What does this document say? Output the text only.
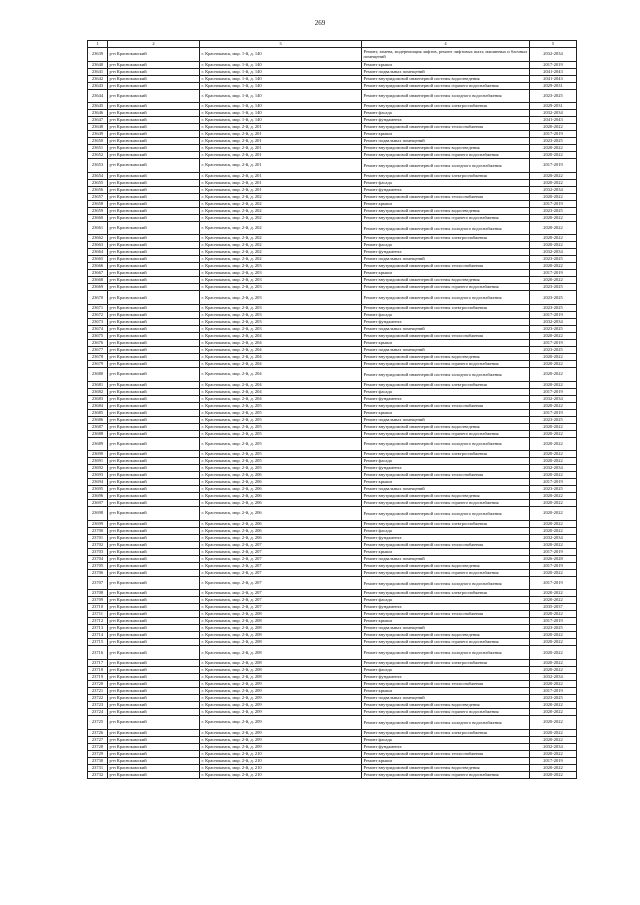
269
1	2	3	4	5
23639	р-н Краснокамский	г. Краснокамск, мкр. 1-й, д. 140	Ремонт, замена, модернизация лифтов, ремонт лифтовых шахт, машинных и блочных помещений	2032-2034
23640	р-н Краснокамский	г. Краснокамск, мкр. 1-й, д. 140	Ремонт крыши	2017-2019
23641	р-н Краснокамский	г. Краснокамск, мкр. 1-й, д. 140	Ремонт подвальных помещений	2041-2043
23642	р-н Краснокамский	г. Краснокамск, мкр. 1-й, д. 140	Ремонт внутридомовой инженерной системы водоотведения	2041-2043
23643	р-н Краснокамский	г. Краснокамск, мкр. 1-й, д. 140	Ремонт внутридомовой инженерной системы горячего водоснабжения	2029-2031
23644	р-н Краснокамский	г. Краснокамск, мкр. 1-й, д. 140	Ремонт внутридомовой инженерной системы холодного водоснабжения	2023-2025
23645	р-н Краснокамский	г. Краснокамск, мкр. 1-й, д. 140	Ремонт внутридомовой инженерной системы электроснабжения	2029-2031
23646	р-н Краснокамский	г. Краснокамск, мкр. 1-й, д. 140	Ремонт фасада	2032-2034
23647	р-н Краснокамский	г. Краснокамск, мкр. 1-й, д. 140	Ремонт фундамента	2041-2043
23648	р-н Краснокамский	г. Краснокамск, мкр. 2-й, д. 201	Ремонт внутридомовой инженерной системы теплоснабжения	2020-2022
23649	р-н Краснокамский	г. Краснокамск, мкр. 2-й, д. 201	Ремонт крыши	2017-2019
23650	р-н Краснокамский	г. Краснокамск, мкр. 2-й, д. 201	Ремонт подвальных помещений	2023-2025
23651	р-н Краснокамский	г. Краснокамск, мкр. 2-й, д. 201	Ремонт внутридомовой инженерной системы водоотведения	2020-2022
23652	р-н Краснокамский	г. Краснокамск, мкр. 2-й, д. 201	Ремонт внутридомовой инженерной системы горячего водоснабжения	2020-2022
23653	р-н Краснокамский	г. Краснокамск, мкр. 2-й, д. 201	Ремонт внутридомовой инженерной системы холодного водоснабжения	2017-2019
23654	р-н Краснокамский	г. Краснокамск, мкр. 2-й, д. 201	Ремонт внутридомовой инженерной системы электроснабжения	2020-2022
23655	р-н Краснокамский	г. Краснокамск, мкр. 2-й, д. 201	Ремонт фасада	2020-2022
23656	р-н Краснокамский	г. Краснокамск, мкр. 2-й, д. 201	Ремонт фундамента	2032-2034
23657	р-н Краснокамский	г. Краснокамск, мкр. 2-й, д. 202	Ремонт внутридомовой инженерной системы теплоснабжения	2020-2022
23658	р-н Краснокамский	г. Краснокамск, мкр. 2-й, д. 202	Ремонт крыши	2017-2019
23659	р-н Краснокамский	г. Краснокамск, мкр. 2-й, д. 202	Ремонт внутридомовой инженерной системы водоотведения	2023-2025
23660	р-н Краснокамский	г. Краснокамск, мкр. 2-й, д. 202	Ремонт внутридомовой инженерной системы горячего водоснабжения	2020-2022
23661	р-н Краснокамский	г. Краснокамск, мкр. 2-й, д. 202	Ремонт внутридомовой инженерной системы холодного водоснабжения	2020-2022
23662	р-н Краснокамский	г. Краснокамск, мкр. 2-й, д. 202	Ремонт внутридомовой инженерной системы электроснабжения	2020-2022
23663	р-н Краснокамский	г. Краснокамск, мкр. 2-й, д. 202	Ремонт фасада	2020-2022
23664	р-н Краснокамский	г. Краснокамск, мкр. 2-й, д. 202	Ремонт фундамента	2032-2034
23665	р-н Краснокамский	г. Краснокамск, мкр. 2-й, д. 202	Ремонт подвальных помещений	2023-2025
23666	р-н Краснокамский	г. Краснокамск, мкр. 2-й, д. 203	Ремонт внутридомовой инженерной системы теплоснабжения	2020-2022
23667	р-н Краснокамский	г. Краснокамск, мкр. 2-й, д. 203	Ремонт крыши	2017-2019
23668	р-н Краснокамский	г. Краснокамск, мкр. 2-й, д. 203	Ремонт внутридомовой инженерной системы водоотведения	2020-2022
23669	р-н Краснокамский	г. Краснокамск, мкр. 2-й, д. 203	Ремонт внутридомовой инженерной системы горячего водоснабжения	2023-2025
23670	р-н Краснокамский	г. Краснокамск, мкр. 2-й, д. 203	Ремонт внутридомовой инженерной системы холодного водоснабжения	2023-2025
23671	р-н Краснокамский	г. Краснокамск, мкр. 2-й, д. 203	Ремонт внутридомовой инженерной системы электроснабжения	2023-2025
23672	р-н Краснокамский	г. Краснокамск, мкр. 2-й, д. 203	Ремонт фасада	2017-2019
23673	р-н Краснокамский	г. Краснокамск, мкр. 2-й, д. 203	Ремонт фундамента	2032-2034
23674	р-н Краснокамский	г. Краснокамск, мкр. 2-й, д. 203	Ремонт подвальных помещений	2023-2025
23675	р-н Краснокамский	г. Краснокамск, мкр. 2-й, д. 204	Ремонт внутридомовой инженерной системы теплоснабжения	2020-2022
23676	р-н Краснокамский	г. Краснокамск, мкр. 2-й, д. 204	Ремонт крыши	2017-2019
23677	р-н Краснокамский	г. Краснокамск, мкр. 2-й, д. 204	Ремонт подвальных помещений	2023-2025
23678	р-н Краснокамский	г. Краснокамск, мкр. 2-й, д. 204	Ремонт внутридомовой инженерной системы водоотведения	2020-2022
23679	р-н Краснокамский	г. Краснокамск, мкр. 2-й, д. 204	Ремонт внутридомовой инженерной системы горячего водоснабжения	2020-2022
23680	р-н Краснокамский	г. Краснокамск, мкр. 2-й, д. 204	Ремонт внутридомовой инженерной системы холодного водоснабжения	2020-2022
23681	р-н Краснокамский	г. Краснокамск, мкр. 2-й, д. 204	Ремонт внутридомовой инженерной системы электроснабжения	2020-2022
23682	р-н Краснокамский	г. Краснокамск, мкр. 2-й, д. 204	Ремонт фасада	2017-2019
23683	р-н Краснокамский	г. Краснокамск, мкр. 2-й, д. 204	Ремонт фундамента	2032-2034
23684	р-н Краснокамский	г. Краснокамск, мкр. 2-й, д. 205	Ремонт внутридомовой инженерной системы теплоснабжения	2020-2022
23685	р-н Краснокамский	г. Краснокамск, мкр. 2-й, д. 205	Ремонт крыши	2017-2019
23686	р-н Краснокамский	г. Краснокамск, мкр. 2-й, д. 205	Ремонт подвальных помещений	2023-2025
23687	р-н Краснокамский	г. Краснокамск, мкр. 2-й, д. 205	Ремонт внутридомовой инженерной системы водоотведения	2020-2022
23688	р-н Краснокамский	г. Краснокамск, мкр. 2-й, д. 205	Ремонт внутридомовой инженерной системы горячего водоснабжения	2020-2022
23689	р-н Краснокамский	г. Краснокамск, мкр. 2-й, д. 205	Ремонт внутридомовой инженерной системы холодного водоснабжения	2020-2022
23690	р-н Краснокамский	г. Краснокамск, мкр. 2-й, д. 205	Ремонт внутридомовой инженерной системы электроснабжения	2020-2022
23691	р-н Краснокамский	г. Краснокамск, мкр. 2-й, д. 205	Ремонт фасада	2020-2022
23692	р-н Краснокамский	г. Краснокамск, мкр. 2-й, д. 205	Ремонт фундамента	2032-2034
23693	р-н Краснокамский	г. Краснокамск, мкр. 2-й, д. 206	Ремонт внутридомовой инженерной системы теплоснабжения	2020-2022
23694	р-н Краснокамский	г. Краснокамск, мкр. 2-й, д. 206	Ремонт крыши	2017-2019
23695	р-н Краснокамский	г. Краснокамск, мкр. 2-й, д. 206	Ремонт подвальных помещений	2023-2025
23696	р-н Краснокамский	г. Краснокамск, мкр. 2-й, д. 206	Ремонт внутридомовой инженерной системы водоотведения	2020-2022
23697	р-н Краснокамский	г. Краснокамск, мкр. 2-й, д. 206	Ремонт внутридомовой инженерной системы горячего водоснабжения	2020-2022
23698	р-н Краснокамский	г. Краснокамск, мкр. 2-й, д. 206	Ремонт внутридомовой инженерной системы холодного водоснабжения	2020-2022
23699	р-н Краснокамский	г. Краснокамск, мкр. 2-й, д. 206	Ремонт внутридомовой инженерной системы электроснабжения	2020-2022
23700	р-н Краснокамский	г. Краснокамск, мкр. 2-й, д. 206	Ремонт фасада	2020-2022
23701	р-н Краснокамский	г. Краснокамск, мкр. 2-й, д. 206	Ремонт фундамента	2032-2034
23702	р-н Краснокамский	г. Краснокамск, мкр. 2-й, д. 207	Ремонт внутридомовой инженерной системы теплоснабжения	2020-2022
23703	р-н Краснокамский	г. Краснокамск, мкр. 2-й, д. 207	Ремонт крыши	2017-2019
23704	р-н Краснокамский	г. Краснокамск, мкр. 2-й, д. 207	Ремонт подвальных помещений	2026-2028
23705	р-н Краснокамский	г. Краснокамск, мкр. 2-й, д. 207	Ремонт внутридомовой инженерной системы водоотведения	2017-2019
23706	р-н Краснокамский	г. Краснокамск, мкр. 2-й, д. 207	Ремонт внутридомовой инженерной системы горячего водоснабжения	2020-2022
23707	р-н Краснокамский	г. Краснокамск, мкр. 2-й, д. 207	Ремонт внутридомовой инженерной системы холодного водоснабжения	2017-2019
23708	р-н Краснокамский	г. Краснокамск, мкр. 2-й, д. 207	Ремонт внутридомовой инженерной системы электроснабжения	2020-2022
23709	р-н Краснокамский	г. Краснокамск, мкр. 2-й, д. 207	Ремонт фасада	2020-2022
23710	р-н Краснокамский	г. Краснокамск, мкр. 2-й, д. 207	Ремонт фундамента	2035-2037
23711	р-н Краснокамский	г. Краснокамск, мкр. 2-й, д. 208	Ремонт внутридомовой инженерной системы теплоснабжения	2020-2022
23712	р-н Краснокамский	г. Краснокамск, мкр. 2-й, д. 208	Ремонт крыши	2017-2019
23713	р-н Краснокамский	г. Краснокамск, мкр. 2-й, д. 208	Ремонт подвальных помещений	2023-2025
23714	р-н Краснокамский	г. Краснокамск, мкр. 2-й, д. 208	Ремонт внутридомовой инженерной системы водоотведения	2020-2022
23715	р-н Краснокамский	г. Краснокамск, мкр. 2-й, д. 208	Ремонт внутридомовой инженерной системы горячего водоснабжения	2020-2022
23716	р-н Краснокамский	г. Краснокамск, мкр. 2-й, д. 208	Ремонт внутридомовой инженерной системы холодного водоснабжения	2020-2022
23717	р-н Краснокамский	г. Краснокамск, мкр. 2-й, д. 208	Ремонт внутридомовой инженерной системы электроснабжения	2020-2022
23718	р-н Краснокамский	г. Краснокамск, мкр. 2-й, д. 208	Ремонт фасада	2020-2022
23719	р-н Краснокамский	г. Краснокамск, мкр. 2-й, д. 208	Ремонт фундамента	2032-2034
23720	р-н Краснокамский	г. Краснокамск, мкр. 2-й, д. 209	Ремонт внутридомовой инженерной системы теплоснабжения	2020-2022
23721	р-н Краснокамский	г. Краснокамск, мкр. 2-й, д. 209	Ремонт крыши	2017-2019
23722	р-н Краснокамский	г. Краснокамск, мкр. 2-й, д. 209	Ремонт подвальных помещений	2023-2025
23723	р-н Краснокамский	г. Краснокамск, мкр. 2-й, д. 209	Ремонт внутридомовой инженерной системы водоотведения	2020-2022
23724	р-н Краснокамский	г. Краснокамск, мкр. 2-й, д. 209	Ремонт внутридомовой инженерной системы горячего водоснабжения	2020-2022
23725	р-н Краснокамский	г. Краснокамск, мкр. 2-й, д. 209	Ремонт внутридомовой инженерной системы холодного водоснабжения	2020-2022
23726	р-н Краснокамский	г. Краснокамск, мкр. 2-й, д. 209	Ремонт внутридомовой инженерной системы электроснабжения	2020-2022
23727	р-н Краснокамский	г. Краснокамск, мкр. 2-й, д. 209	Ремонт фасада	2020-2022
23728	р-н Краснокамский	г. Краснокамск, мкр. 2-й, д. 209	Ремонт фундамента	2032-2034
23729	р-н Краснокамский	г. Краснокамск, мкр. 2-й, д. 210	Ремонт внутридомовой инженерной системы теплоснабжения	2020-2022
23730	р-н Краснокамский	г. Краснокамск, мкр. 2-й, д. 210	Ремонт крыши	2017-2019
23731	р-н Краснокамский	г. Краснокамск, мкр. 2-й, д. 210	Ремонт внутридомовой инженерной системы водоотведения	2020-2022
23732	р-н Краснокамский	г. Краснокамск, мкр. 2-й, д. 210	Ремонт внутридомовой инженерной системы горячего водоснабжения	2020-2022
